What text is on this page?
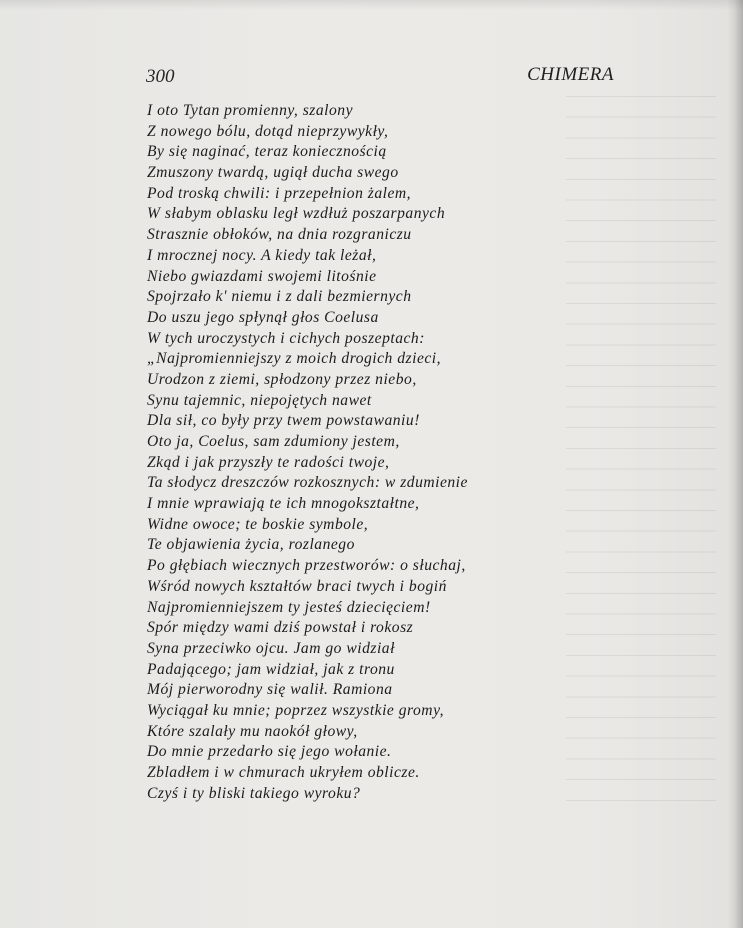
300	CHIMERA
I oto Tytan promienny, szalony
Z nowego bólu, dotąd nieprzywykły,
By się naginać, teraz koniecznością
Zmuszony twardą, ugiął ducha swego
Pod troską chwili: i przepełnion żalem,
W słabym oblasku legł wzdłuż poszarpanych
Strasznie obłoków, na dnia rozgraniczu
I mrocznej nocy. A kiedy tak leżał,
Niebo gwiazdami swojemi litośnie
Spojrzało k' niemu i z dali bezmiernych
Do uszu jego spłynął głos Coelusa
W tych uroczystych i cichych poszeptach:
„Najpromienniejszy z moich drogich dzieci,
Urodzon z ziemi, spłodzony przez niebo,
Synu tajemnic, niepojętych nawet
Dla sił, co były przy twem powstawaniu!
Oto ja, Coelus, sam zdumiony jestem,
Zkąd i jak przyszły te radości twoje,
Ta słodycz dreszczów rozkosznych: w zdumienie
I mnie wprawiają te ich mnogokształtne,
Widne owoce; te boskie symbole,
Te objawienia życia, rozlanego
Po głębiach wiecznych przestworów: o słuchaj,
Wśród nowych kształtów braci twych i bogiń
Najpromienniejszem ty jesteś dziecięciem!
Spór między wami dziś powstał i rokosz
Syna przeciwko ojcu. Jam go widział
Padającego; jam widział, jak z tronu
Mój pierworodny się walił. Ramiona
Wyciągał ku mnie; poprzez wszystkie gromy,
Które szalały mu naokół głowy,
Do mnie przedarło się jego wołanie.
Zbladłem i w chmurach ukryłem oblicze.
Czyś i ty bliski takiego wyroku?
